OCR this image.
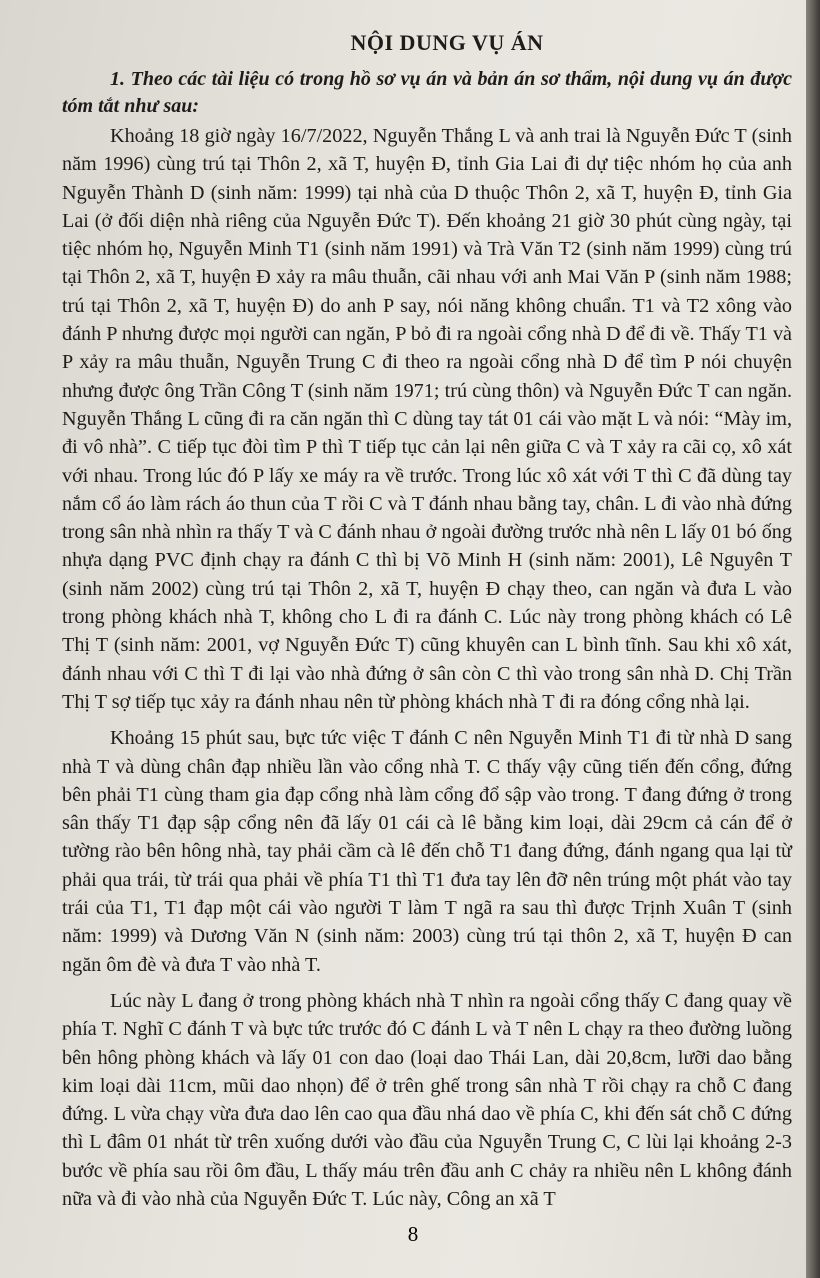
NỘI DUNG VỤ ÁN
1. Theo các tài liệu có trong hồ sơ vụ án và bản án sơ thẩm, nội dung vụ án được tóm tắt như sau:

Khoảng 18 giờ ngày 16/7/2022, Nguyễn Thắng L và anh trai là Nguyễn Đức T (sinh năm 1996) cùng trú tại Thôn 2, xã T, huyện Đ, tỉnh Gia Lai đi dự tiệc nhóm họ của anh Nguyễn Thành D (sinh năm: 1999) tại nhà của D thuộc Thôn 2, xã T, huyện Đ, tỉnh Gia Lai (ở đối diện nhà riêng của Nguyễn Đức T). Đến khoảng 21 giờ 30 phút cùng ngày, tại tiệc nhóm họ, Nguyễn Minh T1 (sinh năm 1991) và Trà Văn T2 (sinh năm 1999) cùng trú tại Thôn 2, xã T, huyện Đ xảy ra mâu thuẫn, cãi nhau với anh Mai Văn P (sinh năm 1988; trú tại Thôn 2, xã T, huyện Đ) do anh P say, nói năng không chuẩn. T1 và T2 xông vào đánh P nhưng được mọi người can ngăn, P bỏ đi ra ngoài cổng nhà D để đi về. Thấy T1 và P xảy ra mâu thuẫn, Nguyễn Trung C đi theo ra ngoài cổng nhà D để tìm P nói chuyện nhưng được ông Trần Công T (sinh năm 1971; trú cùng thôn) và Nguyễn Đức T can ngăn. Nguyễn Thắng L cũng đi ra căn ngăn thì C dùng tay tát 01 cái vào mặt L và nói: “Mày im, đi vô nhà”. C tiếp tục đòi tìm P thì T tiếp tục cản lại nên giữa C và T xảy ra cãi cọ, xô xát với nhau. Trong lúc đó P lấy xe máy ra về trước. Trong lúc xô xát với T thì C đã dùng tay nắm cổ áo làm rách áo thun của T rồi C và T đánh nhau bằng tay, chân. L đi vào nhà đứng trong sân nhà nhìn ra thấy T và C đánh nhau ở ngoài đường trước nhà nên L lấy 01 bó ống nhựa dạng PVC định chạy ra đánh C thì bị Võ Minh H (sinh năm: 2001), Lê Nguyên T (sinh năm 2002) cùng trú tại Thôn 2, xã T, huyện Đ chạy theo, can ngăn và đưa L vào trong phòng khách nhà T, không cho L đi ra đánh C. Lúc này trong phòng khách có Lê Thị T (sinh năm: 2001, vợ Nguyễn Đức T) cũng khuyên can L bình tĩnh. Sau khi xô xát, đánh nhau với C thì T đi lại vào nhà đứng ở sân còn C thì vào trong sân nhà D. Chị Trần Thị T sợ tiếp tục xảy ra đánh nhau nên từ phòng khách nhà T đi ra đóng cổng nhà lại.

Khoảng 15 phút sau, bực tức việc T đánh C nên Nguyễn Minh T1 đi từ nhà D sang nhà T và dùng chân đạp nhiều lần vào cổng nhà T. C thấy vậy cũng tiến đến cổng, đứng bên phải T1 cùng tham gia đạp cổng nhà làm cổng đổ sập vào trong. T đang đứng ở trong sân thấy T1 đạp sập cổng nên đã lấy 01 cái cà lê bằng kim loại, dài 29cm cả cán để ở tường rào bên hông nhà, tay phải cầm cà lê đến chỗ T1 đang đứng, đánh ngang qua lại từ phải qua trái, từ trái qua phải về phía T1 thì T1 đưa tay lên đỡ nên trúng một phát vào tay trái của T1, T1 đạp một cái vào người T làm T ngã ra sau thì được Trịnh Xuân T (sinh năm: 1999) và Dương Văn N (sinh năm: 2003) cùng trú tại thôn 2, xã T, huyện Đ can ngăn ôm đè và đưa T vào nhà T.

Lúc này L đang ở trong phòng khách nhà T nhìn ra ngoài cổng thấy C đang quay về phía T. Nghĩ C đánh T và bực tức trước đó C đánh L và T nên L chạy ra theo đường luồng bên hông phòng khách và lấy 01 con dao (loại dao Thái Lan, dài 20,8cm, lưỡi dao bằng kim loại dài 11cm, mũi dao nhọn) để ở trên ghế trong sân nhà T rồi chạy ra chỗ C đang đứng. L vừa chạy vừa đưa dao lên cao qua đầu nhá dao về phía C, khi đến sát chỗ C đứng thì L đâm 01 nhát từ trên xuống dưới vào đầu của Nguyễn Trung C, C lùi lại khoảng 2-3 bước về phía sau rồi ôm đầu, L thấy máu trên đầu anh C chảy ra nhiều nên L không đánh nữa và đi vào nhà của Nguyễn Đức T. Lúc này, Công an xã T

8
